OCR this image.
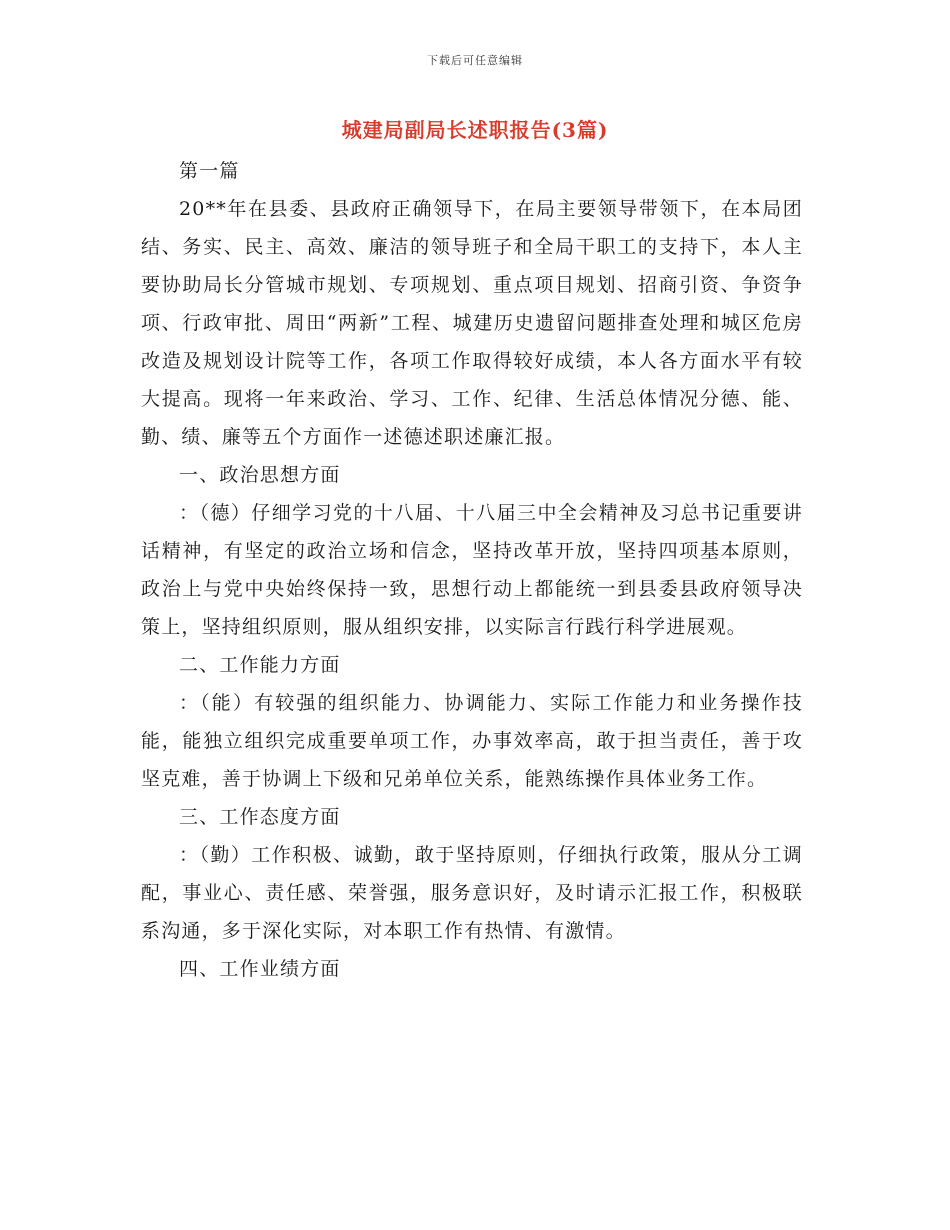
下载后可任意编辑
城建局副局长述职报告(3篇)

第一篇

20**年在县委、县政府正确领导下，在局主要领导带领下，在本局团结、务实、民主、高效、廉洁的领导班子和全局干职工的支持下，本人主要协助局长分管城市规划、专项规划、重点项目规划、招商引资、争资争项、行政审批、周田“两新”工程、城建历史遗留问题排查处理和城区危房改造及规划设计院等工作，各项工作取得较好成绩，本人各方面水平有较大提高。现将一年来政治、学习、工作、纪律、生活总体情况分德、能、勤、绩、廉等五个方面作一述德述职述廉汇报。

一、政治思想方面

：（德）仔细学习党的十八届、十八届三中全会精神及习总书记重要讲话精神，有坚定的政治立场和信念，坚持改革开放，坚持四项基本原则，政治上与党中央始终保持一致，思想行动上都能统一到县委县政府领导决策上，坚持组织原则，服从组织安排，以实际言行践行科学进展观。

二、工作能力方面

：（能）有较强的组织能力、协调能力、实际工作能力和业务操作技能，能独立组织完成重要单项工作，办事效率高，敢于担当责任，善于攻坚克难，善于协调上下级和兄弟单位关系，能熟练操作具体业务工作。

三、工作态度方面

：（勤）工作积极、诚勤，敢于坚持原则，仔细执行政策，服从分工调配，事业心、责任感、荣誉强，服务意识好，及时请示汇报工作，积极联系沟通，多于深化实际，对本职工作有热情、有激情。

四、工作业绩方面
